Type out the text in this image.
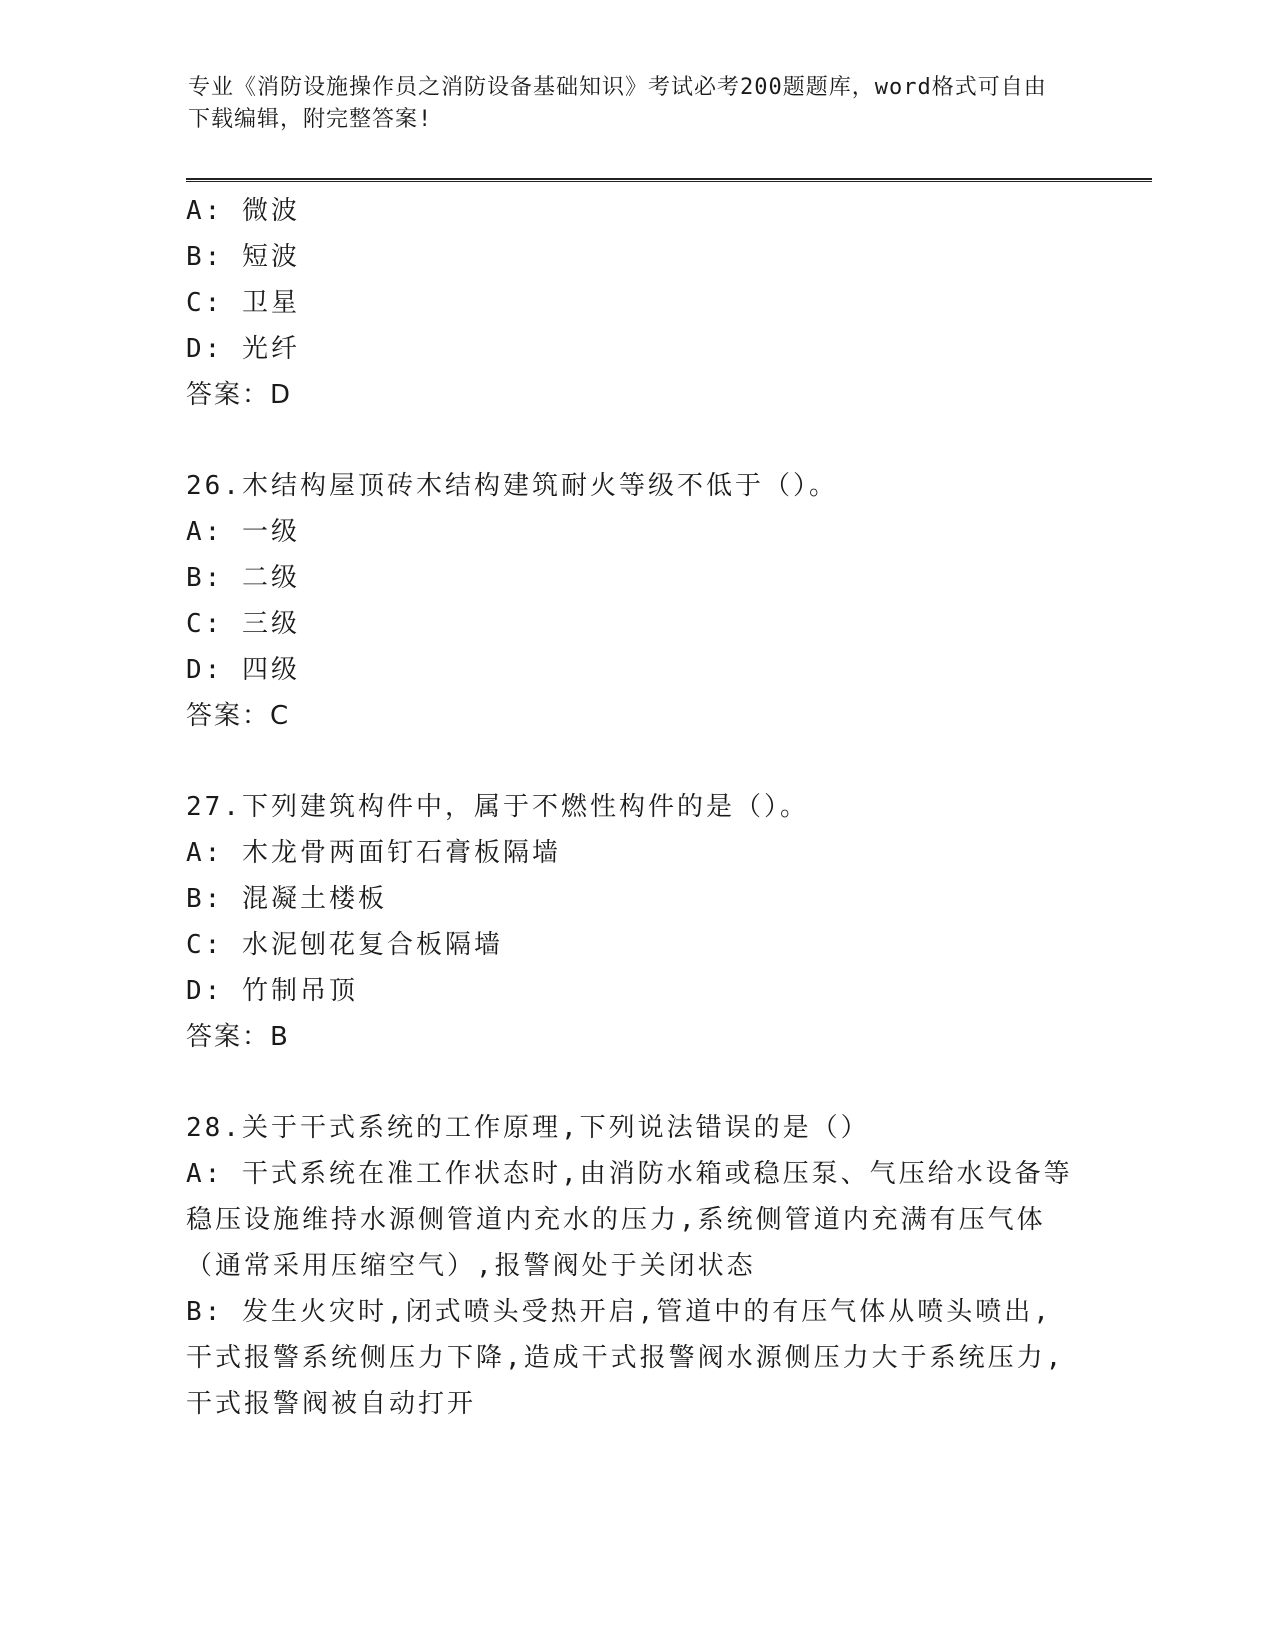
专业《消防设施操作员之消防设备基础知识》考试必考200题题库，word格式可自由下载编辑，附完整答案!
A: 微波
B: 短波
C: 卫星
D: 光纤
答案：D
26.木结构屋顶砖木结构建筑耐火等级不低于（）。
A: 一级
B: 二级
C: 三级
D: 四级
答案：C
27.下列建筑构件中，属于不燃性构件的是（）。
A: 木龙骨两面钉石膏板隔墙
B: 混凝土楼板
C: 水泥刨花复合板隔墙
D: 竹制吊顶
答案：B
28.关于干式系统的工作原理,下列说法错误的是（）
A: 干式系统在准工作状态时,由消防水箱或稳压泵、气压给水设备等稳压设施维持水源侧管道内充水的压力,系统侧管道内充满有压气体（通常采用压缩空气）,报警阀处于关闭状态
B: 发生火灾时,闭式喷头受热开启,管道中的有压气体从喷头喷出,干式报警系统侧压力下降,造成干式报警阀水源侧压力大于系统压力,干式报警阀被自动打开
